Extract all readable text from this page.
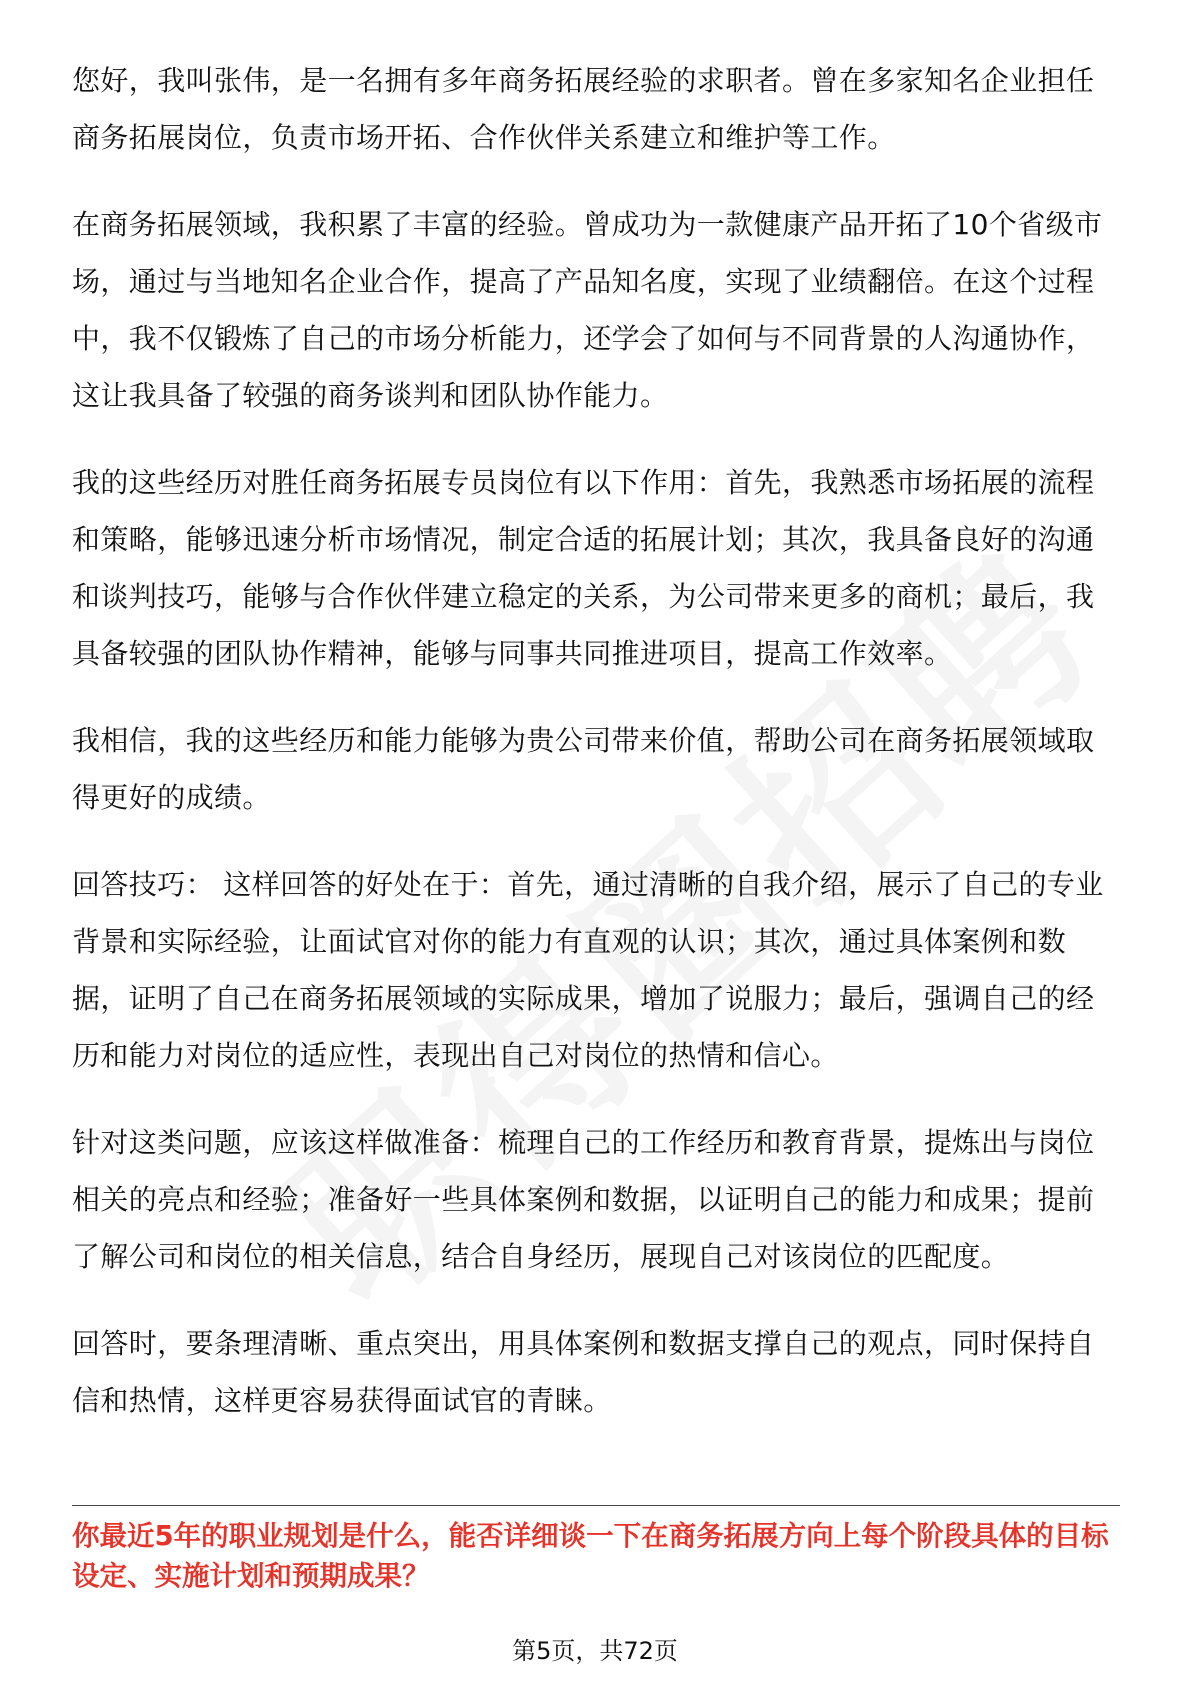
您好，我叫张伟，是一名拥有多年商务拓展经验的求职者。曾在多家知名企业担任商务拓展岗位，负责市场开拓、合作伙伴关系建立和维护等工作。

在商务拓展领域，我积累了丰富的经验。曾成功为一款健康产品开拓了10个省级市场，通过与当地知名企业合作，提高了产品知名度，实现了业绩翻倍。在这个过程中，我不仅锻炼了自己的市场分析能力，还学会了如何与不同背景的人沟通协作，这让我具备了较强的商务谈判和团队协作能力。

我的这些经历对胜任商务拓展专员岗位有以下作用：首先，我熟悉市场拓展的流程和策略，能够迅速分析市场情况，制定合适的拓展计划；其次，我具备良好的沟通和谈判技巧，能够与合作伙伴建立稳定的关系，为公司带来更多的商机；最后，我具备较强的团队协作精神，能够与同事共同推进项目，提高工作效率。

我相信，我的这些经历和能力能够为贵公司带来价值，帮助公司在商务拓展领域取得更好的成绩。

回答技巧： 这样回答的好处在于：首先，通过清晰的自我介绍，展示了自己的专业背景和实际经验，让面试官对你的能力有直观的认识；其次，通过具体案例和数据，证明了自己在商务拓展领域的实际成果，增加了说服力；最后，强调自己的经历和能力对岗位的适应性，表现出自己对岗位的热情和信心。

针对这类问题，应该这样做准备：梳理自己的工作经历和教育背景，提炼出与岗位相关的亮点和经验；准备好一些具体案例和数据，以证明自己的能力和成果；提前了解公司和岗位的相关信息，结合自身经历，展现自己对该岗位的匹配度。

回答时，要条理清晰、重点突出，用具体案例和数据支撑自己的观点，同时保持自信和热情，这样更容易获得面试官的青睐。

你最近5年的职业规划是什么，能否详细谈一下在商务拓展方向上每个阶段具体的目标设定、实施计划和预期成果？

第5页，共72页
